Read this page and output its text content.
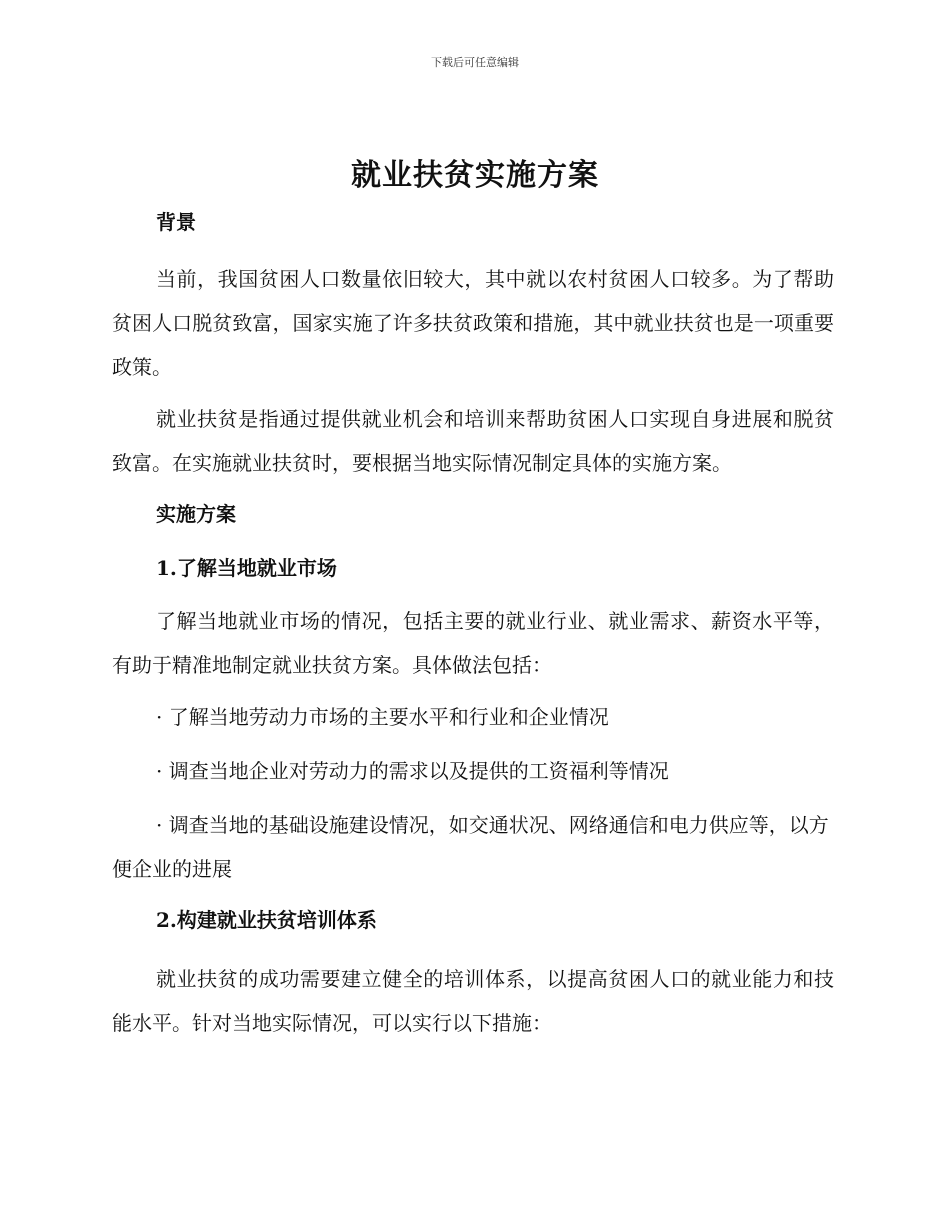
下载后可任意编辑
就业扶贫实施方案

背景

当前，我国贫困人口数量依旧较大，其中就以农村贫困人口较多。为了帮助贫困人口脱贫致富，国家实施了许多扶贫政策和措施，其中就业扶贫也是一项重要政策。

就业扶贫是指通过提供就业机会和培训来帮助贫困人口实现自身进展和脱贫致富。在实施就业扶贫时，要根据当地实际情况制定具体的实施方案。

实施方案

1.了解当地就业市场

了解当地就业市场的情况，包括主要的就业行业、就业需求、薪资水平等，有助于精准地制定就业扶贫方案。具体做法包括：

· 了解当地劳动力市场的主要水平和行业和企业情况

· 调查当地企业对劳动力的需求以及提供的工资福利等情况

· 调查当地的基础设施建设情况，如交通状况、网络通信和电力供应等，以方便企业的进展

2.构建就业扶贫培训体系

就业扶贫的成功需要建立健全的培训体系，以提高贫困人口的就业能力和技能水平。针对当地实际情况，可以实行以下措施：
